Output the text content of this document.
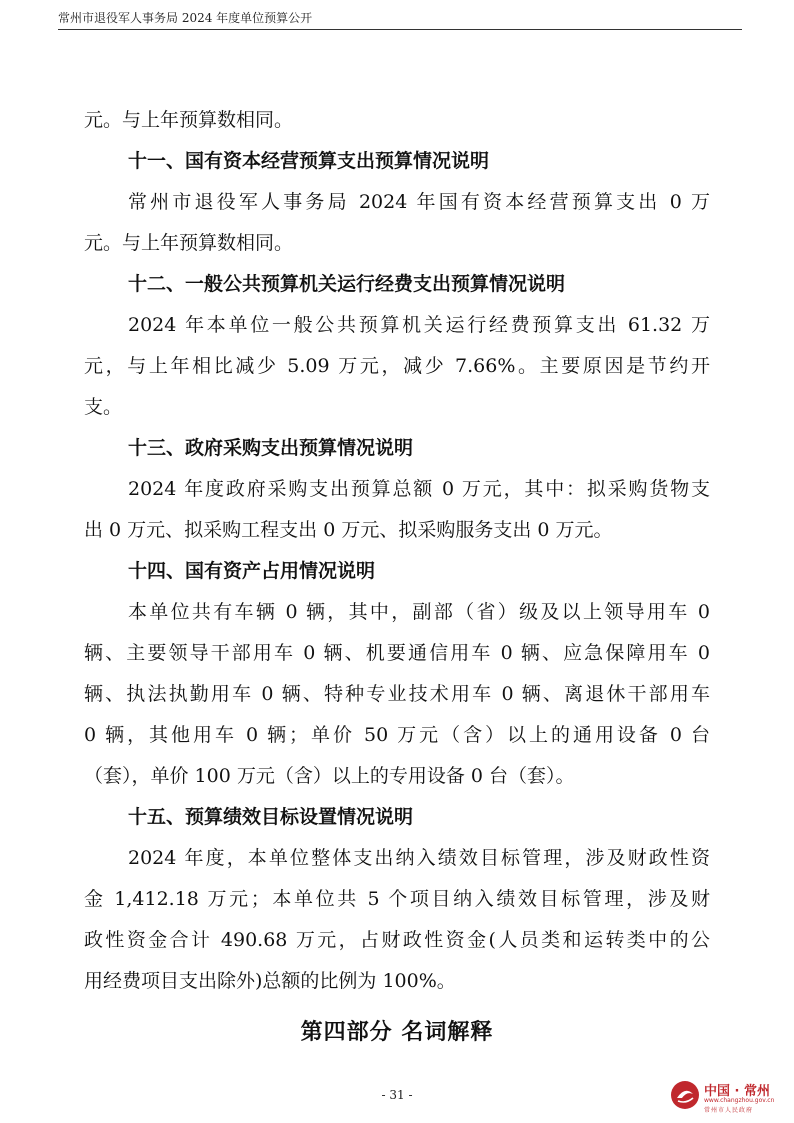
常州市退役军人事务局 2024 年度单位预算公开
元。与上年预算数相同。
十一、国有资本经营预算支出预算情况说明
常州市退役军人事务局 2024 年国有资本经营预算支出 0 万
元。与上年预算数相同。
十二、一般公共预算机关运行经费支出预算情况说明
2024 年本单位一般公共预算机关运行经费预算支出 61.32 万
元，与上年相比减少 5.09 万元，减少 7.66%。主要原因是节约开
支。
十三、政府采购支出预算情况说明
2024 年度政府采购支出预算总额 0 万元，其中：拟采购货物支
出 0 万元、拟采购工程支出 0 万元、拟采购服务支出 0 万元。
十四、国有资产占用情况说明
本单位共有车辆 0 辆，其中，副部（省）级及以上领导用车 0
辆、主要领导干部用车 0 辆、机要通信用车 0 辆、应急保障用车 0
辆、执法执勤用车 0 辆、特种专业技术用车 0 辆、离退休干部用车
0 辆，其他用车 0 辆；单价 50 万元（含）以上的通用设备 0 台
（套），单价 100 万元（含）以上的专用设备 0 台（套）。
十五、预算绩效目标设置情况说明
2024 年度，本单位整体支出纳入绩效目标管理，涉及财政性资
金 1,412.18 万元；本单位共 5 个项目纳入绩效目标管理，涉及财
政性资金合计 490.68 万元，占财政性资金(人员类和运转类中的公
用经费项目支出除外)总额的比例为 100%。
第四部分 名词解释
- 31 -	中国 · 常州
www.changzhou.gov.cn
常州市人民政府
